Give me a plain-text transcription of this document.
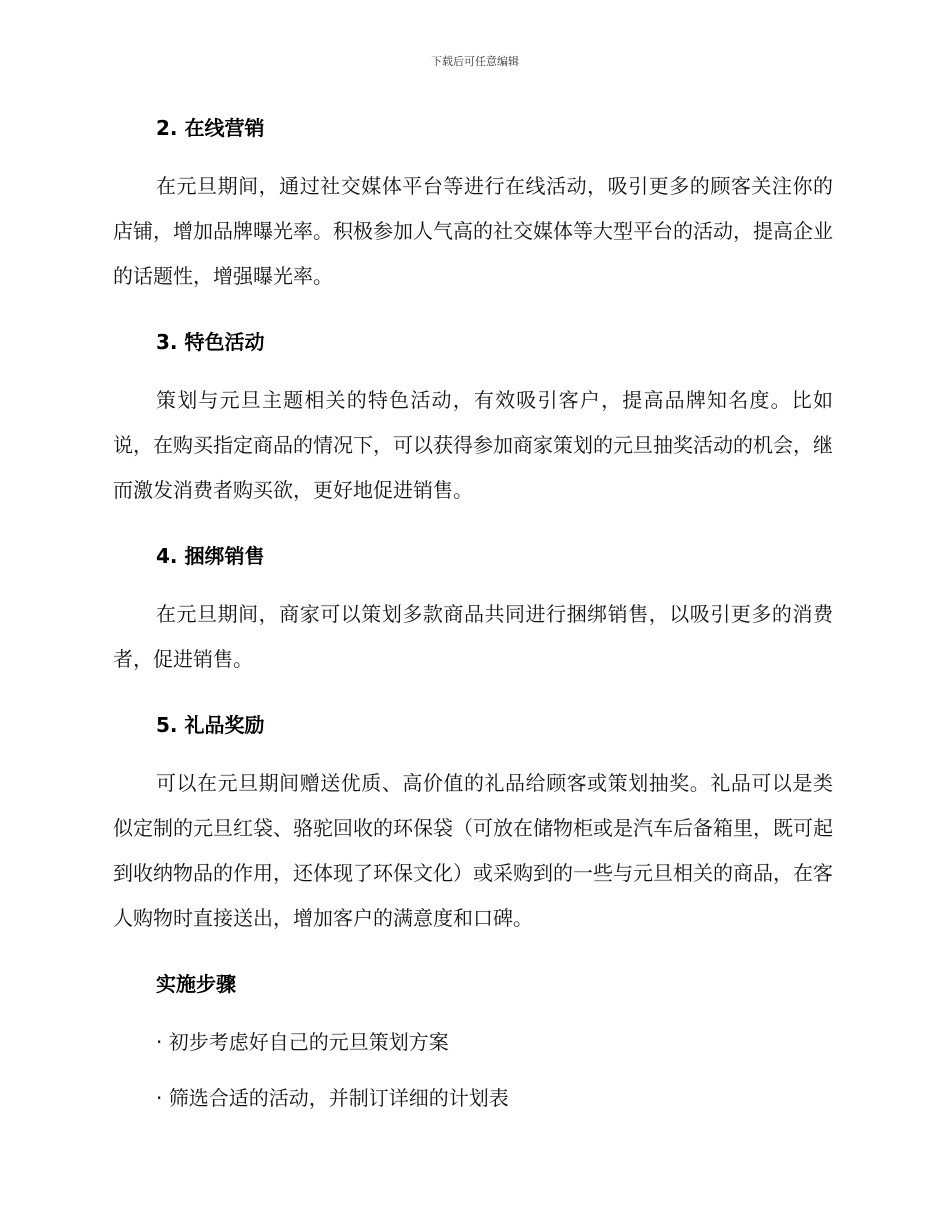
下载后可任意编辑
2. 在线营销

在元旦期间，通过社交媒体平台等进行在线活动，吸引更多的顾客关注你的店铺，增加品牌曝光率。积极参加人气高的社交媒体等大型平台的活动，提高企业的话题性，增强曝光率。

3. 特色活动

策划与元旦主题相关的特色活动，有效吸引客户，提高品牌知名度。比如说，在购买指定商品的情况下，可以获得参加商家策划的元旦抽奖活动的机会，继而激发消费者购买欲，更好地促进销售。

4. 捆绑销售

在元旦期间，商家可以策划多款商品共同进行捆绑销售，以吸引更多的消费者，促进销售。

5. 礼品奖励

可以在元旦期间赠送优质、高价值的礼品给顾客或策划抽奖。礼品可以是类似定制的元旦红袋、骆驼回收的环保袋（可放在储物柜或是汽车后备箱里，既可起到收纳物品的作用，还体现了环保文化）或采购到的一些与元旦相关的商品，在客人购物时直接送出，增加客户的满意度和口碑。

实施步骤
· 初步考虑好自己的元旦策划方案
· 筛选合适的活动，并制订详细的计划表
